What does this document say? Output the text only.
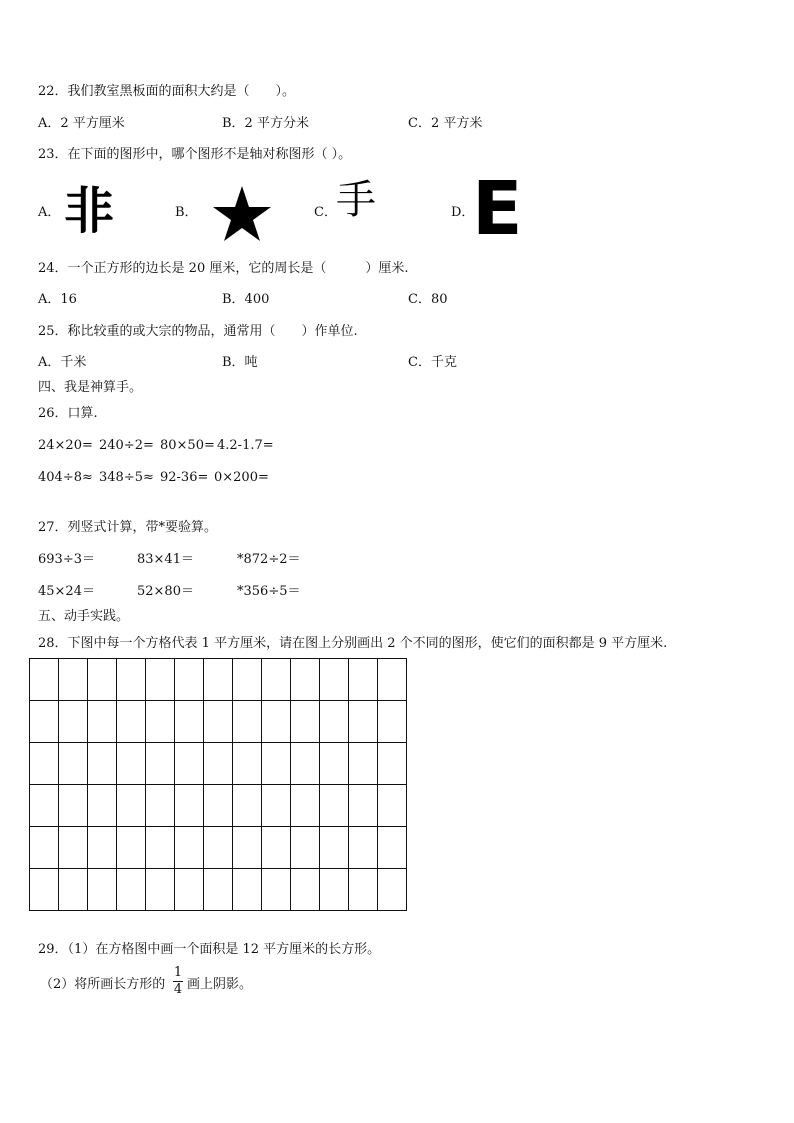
22．我们教室黑板面的面积大约是（　　）。
A．2 平方厘米	B．2 平方分米	C．2 平方米
23．在下面的图形中，哪个图形不是轴对称图形（ ）。
A． 非	B．	C． 手	D．
E
24．一个正方形的边长是 20 厘米，它的周长是（　　　）厘米.
A．16	B．400	C．80
25．称比较重的或大宗的物品，通常用（　　）作单位.
A．千米	B．吨	C．千克
四、我是神算手。
26．口算.
24×20= 240÷2= 80×50= 4.2-1.7=
404÷8≈ 348÷5≈ 92-36= 0×200=
27．列竖式计算，带*要验算。
693÷3＝	83×41＝	*872÷2＝
45×24＝	52×80＝	*356÷5＝
五、动手实践。
28．下图中每一个方格代表 1 平方厘米，请在图上分别画出 2 个不同的图形，使它们的面积都是 9 平方厘米.

29．（1）在方格图中画一个面积是 12 平方厘米的长方形。
（2）将所画长方形的 $\frac{1}{4}$ 画上阴影。
